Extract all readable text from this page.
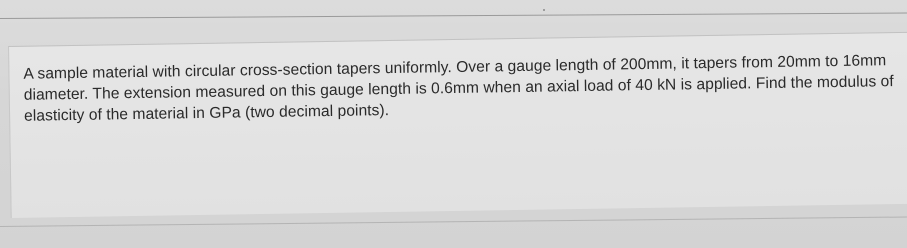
A sample material with circular cross-section tapers uniformly. Over a gauge length of 200mm, it tapers from 20mm to 16mm diameter. The extension measured on this gauge length is 0.6mm when an axial load of 40 kN is applied. Find the modulus of elasticity of the material in GPa (two decimal points).
